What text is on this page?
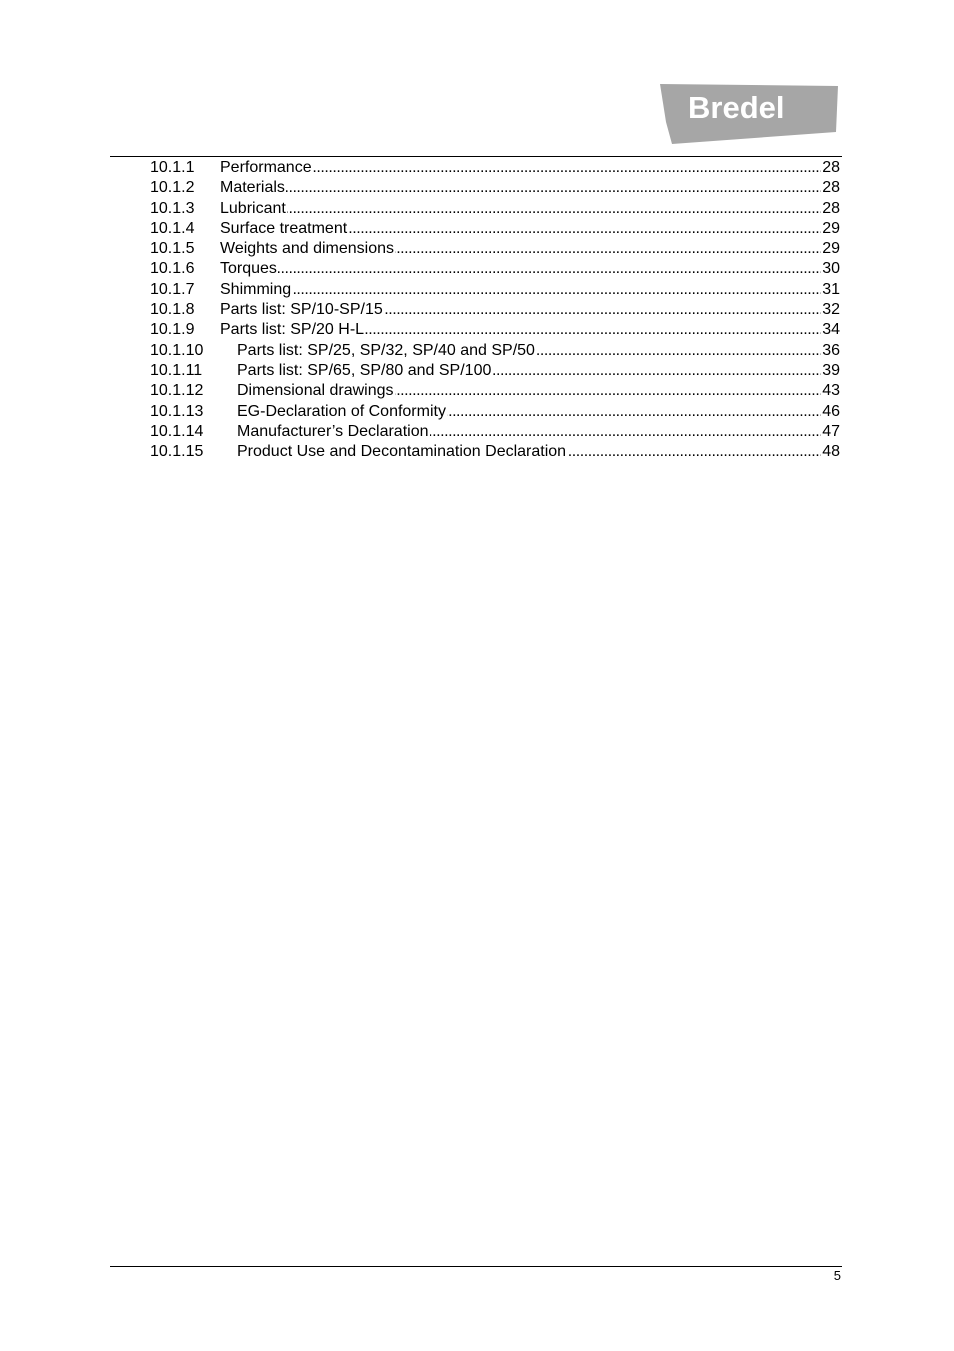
Bredel
10.1.1	Performance . . .	28
10.1.2	Materials . . .	28
10.1.3	Lubricant . . .	28
10.1.4	Surface treatment . . .	29
10.1.5	Weights and dimensions . . .	29
10.1.6	Torques . . .	30
10.1.7	Shimming . . .	31
10.1.8	Parts list: SP/10-SP/15 . . .	32
10.1.9	Parts list: SP/20 H-L . . .	34
10.1.10	Parts list: SP/25, SP/32, SP/40 and SP/50 . . .	36
10.1.11	Parts list: SP/65, SP/80 and SP/100 . . .	39
10.1.12	Dimensional drawings . . .	43
10.1.13	EG-Declaration of Conformity . . .	46
10.1.14	Manufacturer’s Declaration . . .	47
10.1.15	Product Use and Decontamination Declaration . . .	48
5
